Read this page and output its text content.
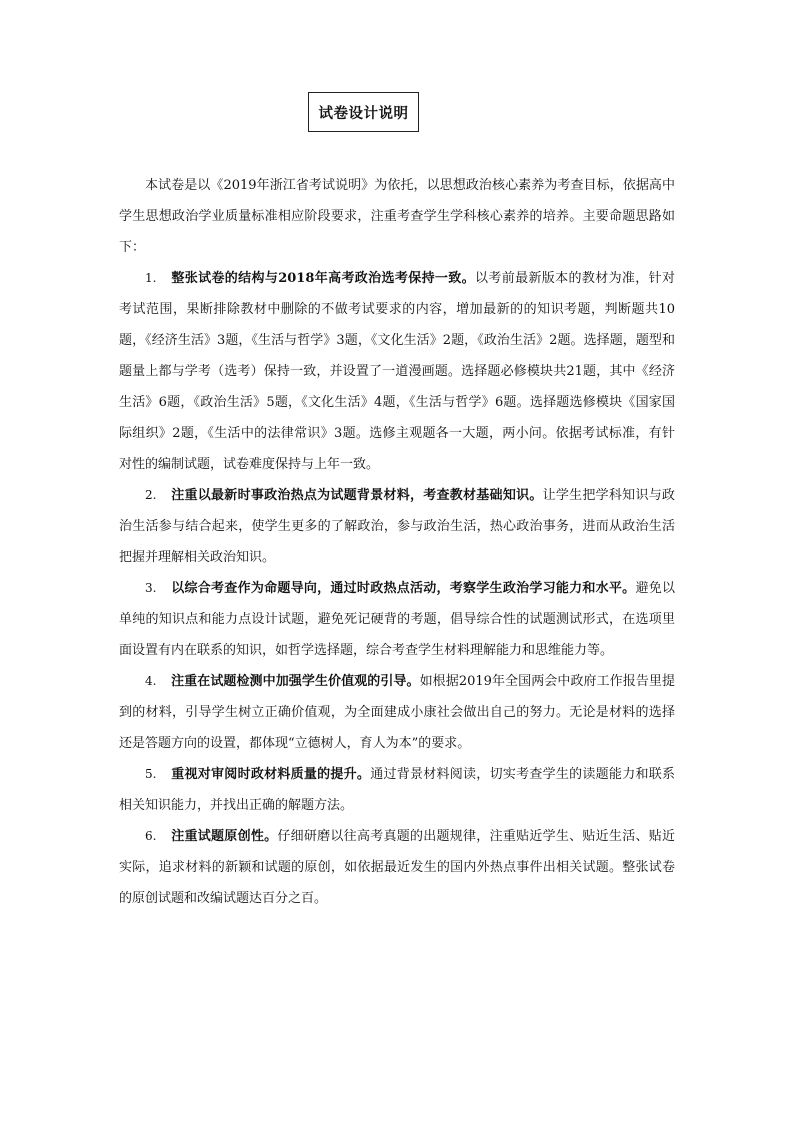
试卷设计说明

本试卷是以《2019年浙江省考试说明》为依托，以思想政治核心素养为考查目标，依据高中学生思想政治学业质量标准相应阶段要求，注重考查学生学科核心素养的培养。主要命题思路如下：

1. 整张试卷的结构与2018年高考政治选考保持一致。以考前最新版本的教材为准，针对考试范围，果断排除教材中删除的不做考试要求的内容，增加最新的的知识考题，判断题共10题，《经济生活》3题，《生活与哲学》3题，《文化生活》2题，《政治生活》2题。选择题，题型和题量上都与学考（选考）保持一致，并设置了一道漫画题。选择题必修模块共21题，其中《经济生活》6题，《政治生活》5题，《文化生活》4题，《生活与哲学》6题。选择题选修模块《国家国际组织》2题，《生活中的法律常识》3题。选修主观题各一大题，两小问。依据考试标准，有针对性的编制试题，试卷难度保持与上年一致。

2. 注重以最新时事政治热点为试题背景材料，考查教材基础知识。让学生把学科知识与政治生活参与结合起来，使学生更多的了解政治，参与政治生活，热心政治事务，进而从政治生活把握并理解相关政治知识。

3. 以综合考查作为命题导向，通过时政热点活动，考察学生政治学习能力和水平。避免以单纯的知识点和能力点设计试题，避免死记硬背的考题，倡导综合性的试题测试形式，在选项里面设置有内在联系的知识，如哲学选择题，综合考查学生材料理解能力和思维能力等。

4. 注重在试题检测中加强学生价值观的引导。如根据2019年全国两会中政府工作报告里提到的材料，引导学生树立正确价值观，为全面建成小康社会做出自己的努力。无论是材料的选择还是答题方向的设置，都体现“立德树人，育人为本”的要求。

5. 重视对审阅时政材料质量的提升。通过背景材料阅读，切实考查学生的读题能力和联系相关知识能力，并找出正确的解题方法。

6. 注重试题原创性。仔细研磨以往高考真题的出题规律，注重贴近学生、贴近生活、贴近实际，追求材料的新颖和试题的原创，如依据最近发生的国内外热点事件出相关试题。整张试卷的原创试题和改编试题达百分之百。
